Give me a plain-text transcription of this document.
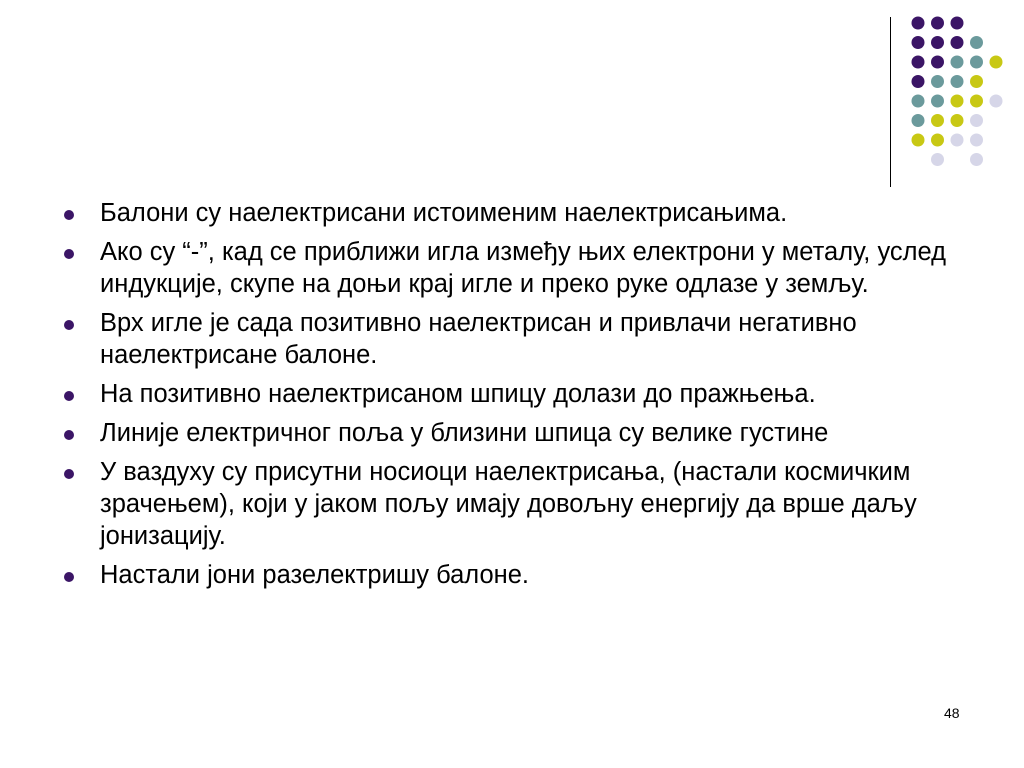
Балони су наелектрисани истоименим наелектрисањима.
Ако су “-”, кад се приближи игла између њих електрони у металу, услед индукције, скупе на доњи крај игле и преко руке одлазе у земљу.
Врх игле је сада позитивно наелектрисан и привлачи негативно наелектрисане балоне.
На позитивно наелектрисаном шпицу долази до пражњења.
Линије електричног поља у близини шпица су велике густине
У ваздуху су присутни носиоци наелектрисања, (настали космичким зрачењем), који у јаком пољу имају довољну енергију да врше даљу јонизацију.
Настали јони разелектришу балоне.
48
